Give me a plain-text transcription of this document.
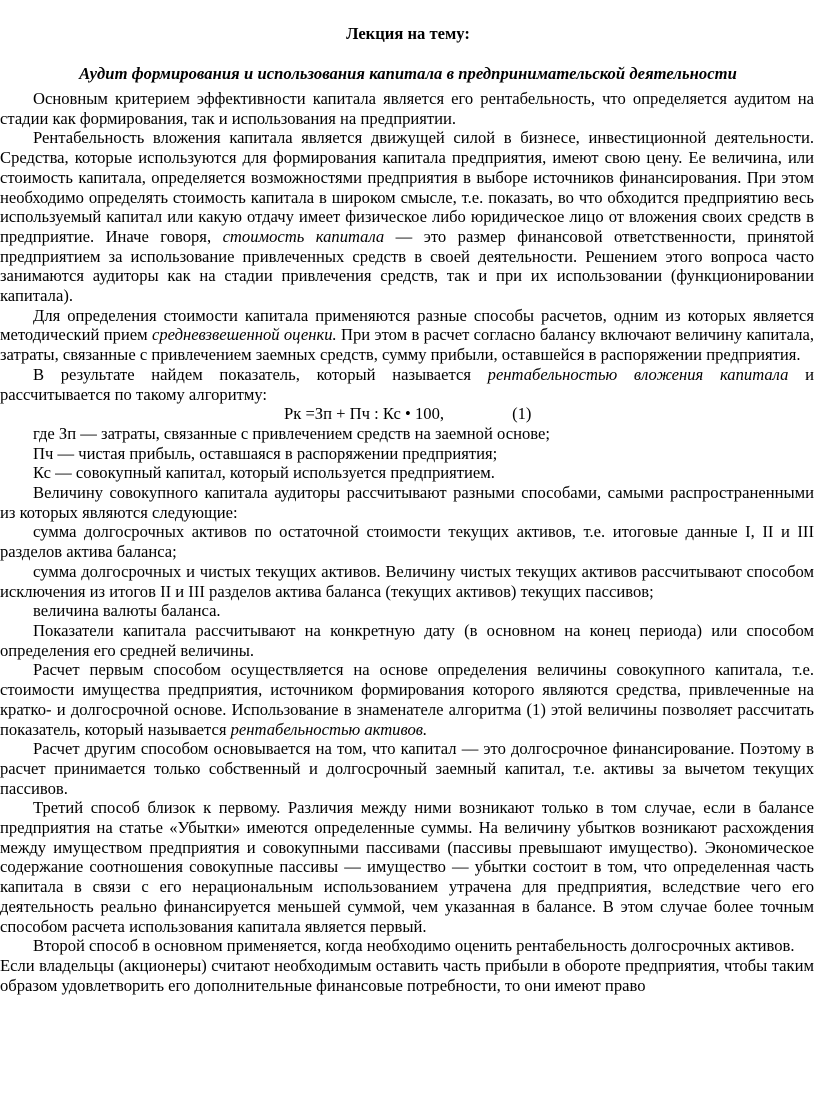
Лекция на тему:
Аудит формирования и использования капитала в предпринимательской деятельности

Основным критерием эффективности капитала является его рентабельность, что определяется аудитом на стадии как формирования, так и использования на предприятии.

Рентабельность вложения капитала является движущей силой в бизнесе, инвестиционной деятельности. Средства, которые используются для формирования капитала предприятия, имеют свою цену. Ее величина, или стоимость капитала, определяется возможностями предприятия в выборе источников финансирования. При этом необходимо определять стоимость капитала в широком смысле, т.е. показать, во что обходится предприятию весь используемый капитал или какую отдачу имеет физическое либо юридическое лицо от вложения своих средств в предприятие. Иначе говоря, стоимость капитала — это размер финансовой ответственности, принятой предприятием за использование привлеченных средств в своей деятельности. Решением этого вопроса часто занимаются аудиторы как на стадии привлечения средств, так и при их использовании (функционировании капитала).

Для определения стоимости капитала применяются разные способы расчетов, одним из которых является методический прием средневзвешенной оценки. При этом в расчет согласно балансу включают величину капитала, затраты, связанные с привлечением заемных средств, сумму прибыли, оставшейся в распоряжении предприятия.

В результате найдем показатель, который называется рентабельностью вложения капитала и рассчитывается по такому алгоритму:

Рк =Зп + Пч : Кс • 100,	(1)

где Зп — затраты, связанные с привлечением средств на заемной основе;

Пч — чистая прибыль, оставшаяся в распоряжении предприятия;

Кс — совокупный капитал, который используется предприятием.

Величину совокупного капитала аудиторы рассчитывают разными способами, самыми распространенными из которых являются следующие:

сумма долгосрочных активов по остаточной стоимости текущих активов, т.е. итоговые данные I, II и III разделов актива баланса;

сумма долгосрочных и чистых текущих активов. Величину чистых текущих активов рассчитывают способом исключения из итогов II и III разделов актива баланса (текущих активов) текущих пассивов;

величина валюты баланса.

Показатели капитала рассчитывают на конкретную дату (в основном на конец периода) или способом определения его средней величины.

Расчет первым способом осуществляется на основе определения величины совокупного капитала, т.е. стоимости имущества предприятия, источником формирования которого являются средства, привлеченные на кратко- и долгосрочной основе. Использование в знаменателе алгоритма (1) этой величины позволяет рассчитать показатель, который называется рентабельностью активов.

Расчет другим способом основывается на том, что капитал — это долгосрочное финансирование. Поэтому в расчет принимается только собственный и долгосрочный заемный капитал, т.е. активы за вычетом текущих пассивов.

Третий способ близок к первому. Различия между ними возникают только в том случае, если в балансе предприятия на статье «Убытки» имеются определенные суммы. На величину убытков возникают расхождения между имуществом предприятия и совокупными пассивами (пассивы превышают имущество). Экономическое содержание соотношения совокупные пассивы — имущество — убытки состоит в том, что определенная часть капитала в связи с его нерациональным использованием утрачена для предприятия, вследствие чего его деятельность реально финансируется меньшей суммой, чем указанная в балансе. В этом случае более точным способом расчета использования капитала является первый.

Второй способ в основном применяется, когда необходимо оценить рентабельность долгосрочных активов.

Если владельцы (акционеры) считают необходимым оставить часть прибыли в обороте предприятия, чтобы таким образом удовлетворить его дополнительные финансовые потребности, то они имеют право
